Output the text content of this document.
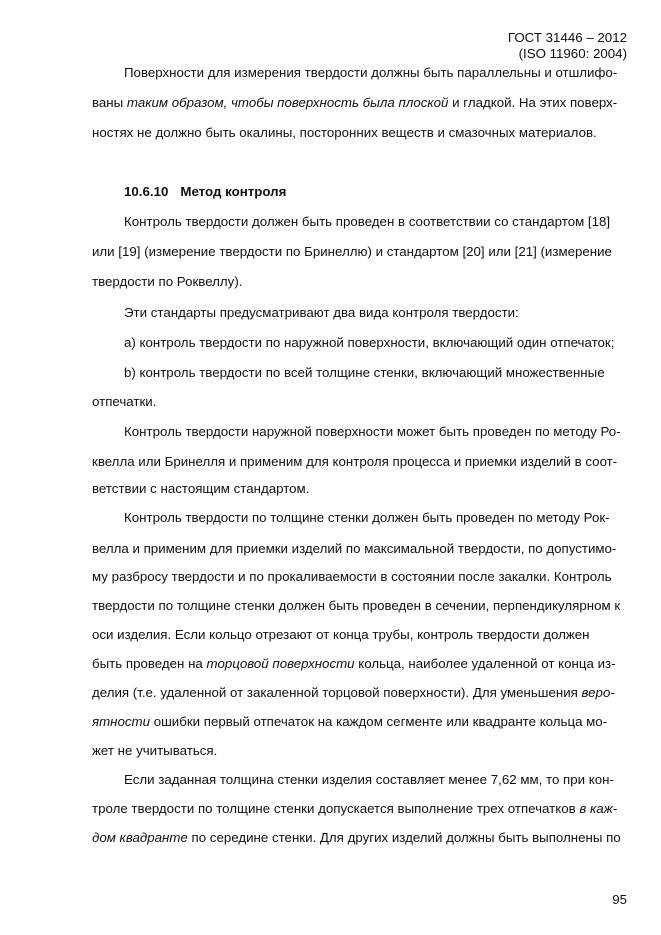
ГОСТ 31446 – 2012
(ISO 11960: 2004)
Поверхности для измерения твердости должны быть параллельны и отшлифо-
ваны таким образом, чтобы поверхность была плоской и гладкой. На этих поверх-
ностях не должно быть окалины, посторонних веществ и смазочных материалов.
10.6.10 Метод контроля
Контроль твердости должен быть проведен в соответствии со стандартом [18]
или [19] (измерение твердости по Бринеллю) и стандартом [20] или [21] (измерение
твердости по Роквеллу).
Эти стандарты предусматривают два вида контроля твердости:
a) контроль твердости по наружной поверхности, включающий один отпечаток;
b) контроль твердости по всей толщине стенки, включающий множественные
отпечатки.
Контроль твердости наружной поверхности может быть проведен по методу Ро-
квелла или Бринелля и применим для контроля процесса и приемки изделий в соот-
ветствии с настоящим стандартом.
Контроль твердости по толщине стенки должен быть проведен по методу Рок-
велла и применим для приемки изделий по максимальной твердости, по допустимо-
му разбросу твердости и по прокаливаемости в состоянии после закалки. Контроль
твердости по толщине стенки должен быть проведен в сечении, перпендикулярном к
оси изделия. Если кольцо отрезают от конца трубы, контроль твердости должен
быть проведен на торцовой поверхности кольца, наиболее удаленной от конца из-
делия (т.е. удаленной от закаленной торцовой поверхности). Для уменьшения веро-
ятности ошибки первый отпечаток на каждом сегменте или квадранте кольца мо-
жет не учитываться.
Если заданная толщина стенки изделия составляет менее 7,62 мм, то при кон-
троле твердости по толщине стенки допускается выполнение трех отпечатков в каж-
дом квадранте по середине стенки. Для других изделий должны быть выполнены по
95
